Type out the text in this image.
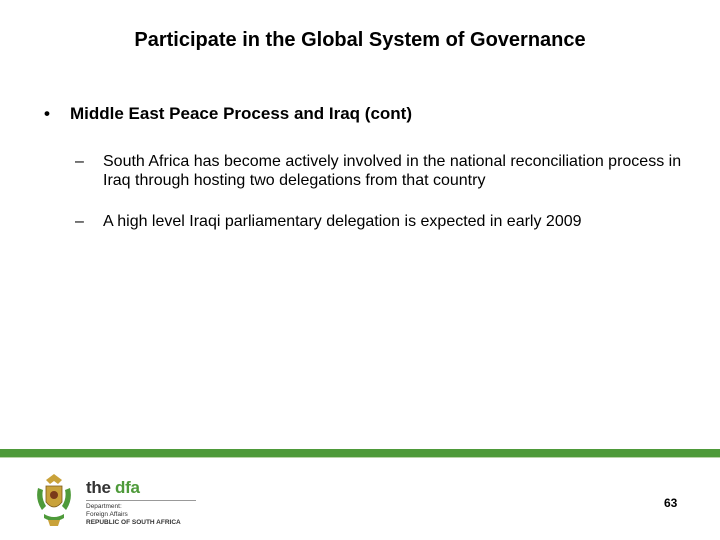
Participate in the Global System of Governance
• Middle East Peace Process and Iraq (cont)
– South Africa has become actively involved in the national reconciliation process in Iraq through hosting two delegations from that country
– A high level Iraqi parliamentary delegation is expected in early 2009
the dfa
Department:
Foreign Affairs
REPUBLIC OF SOUTH AFRICA
63
